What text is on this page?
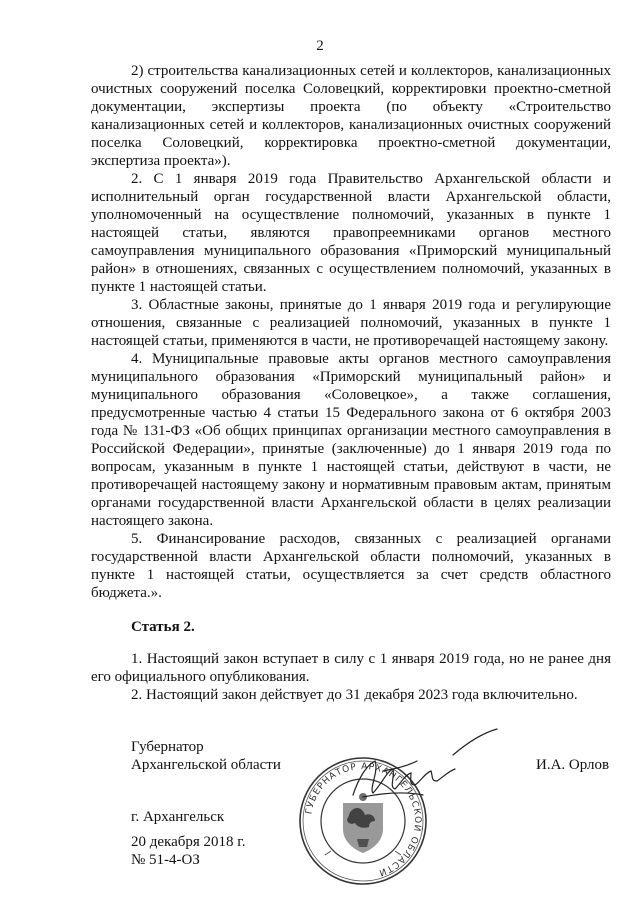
2

2) строительства канализационных сетей и коллекторов, канализационных очистных сооружений поселка Соловецкий, корректировки проектно-сметной документации, экспертизы проекта (по объекту «Строительство канализационных сетей и коллекторов, канализационных очистных сооружений поселка Соловецкий, корректировка проектно-сметной документации, экспертиза проекта»).

2. С 1 января 2019 года Правительство Архангельской области и исполнительный орган государственной власти Архангельской области, уполномоченный на осуществление полномочий, указанных в пункте 1 настоящей статьи, являются правопреемниками органов местного самоуправления муниципального образования «Приморский муниципальный район» в отношениях, связанных с осуществлением полномочий, указанных в пункте 1 настоящей статьи.

3. Областные законы, принятые до 1 января 2019 года и регулирующие отношения, связанные с реализацией полномочий, указанных в пункте 1 настоящей статьи, применяются в части, не противоречащей настоящему закону.

4. Муниципальные правовые акты органов местного самоуправления муниципального образования «Приморский муниципальный район» и муниципального образования «Соловецкое», а также соглашения, предусмотренные частью 4 статьи 15 Федерального закона от 6 октября 2003 года № 131-ФЗ «Об общих принципах организации местного самоуправления в Российской Федерации», принятые (заключенные) до 1 января 2019 года по вопросам, указанным в пункте 1 настоящей статьи, действуют в части, не противоречащей настоящему закону и нормативным правовым актам, принятым органами государственной власти Архангельской области в целях реализации настоящего закона.

5. Финансирование расходов, связанных с реализацией органами государственной власти Архангельской области полномочий, указанных в пункте 1 настоящей статьи, осуществляется за счет средств областного бюджета.».

Статья 2.

1. Настоящий закон вступает в силу с 1 января 2019 года, но не ранее дня его официального опубликования.

2. Настоящий закон действует до 31 декабря 2023 года включительно.

Губернатор
Архангельской области	И.А. Орлов
г. Архангельск
20 декабря 2018 г.
№ 51-4-ОЗ
ГУБЕРНАТОР АРХАНГЕЛЬСКОЙ ОБЛАСТИ
